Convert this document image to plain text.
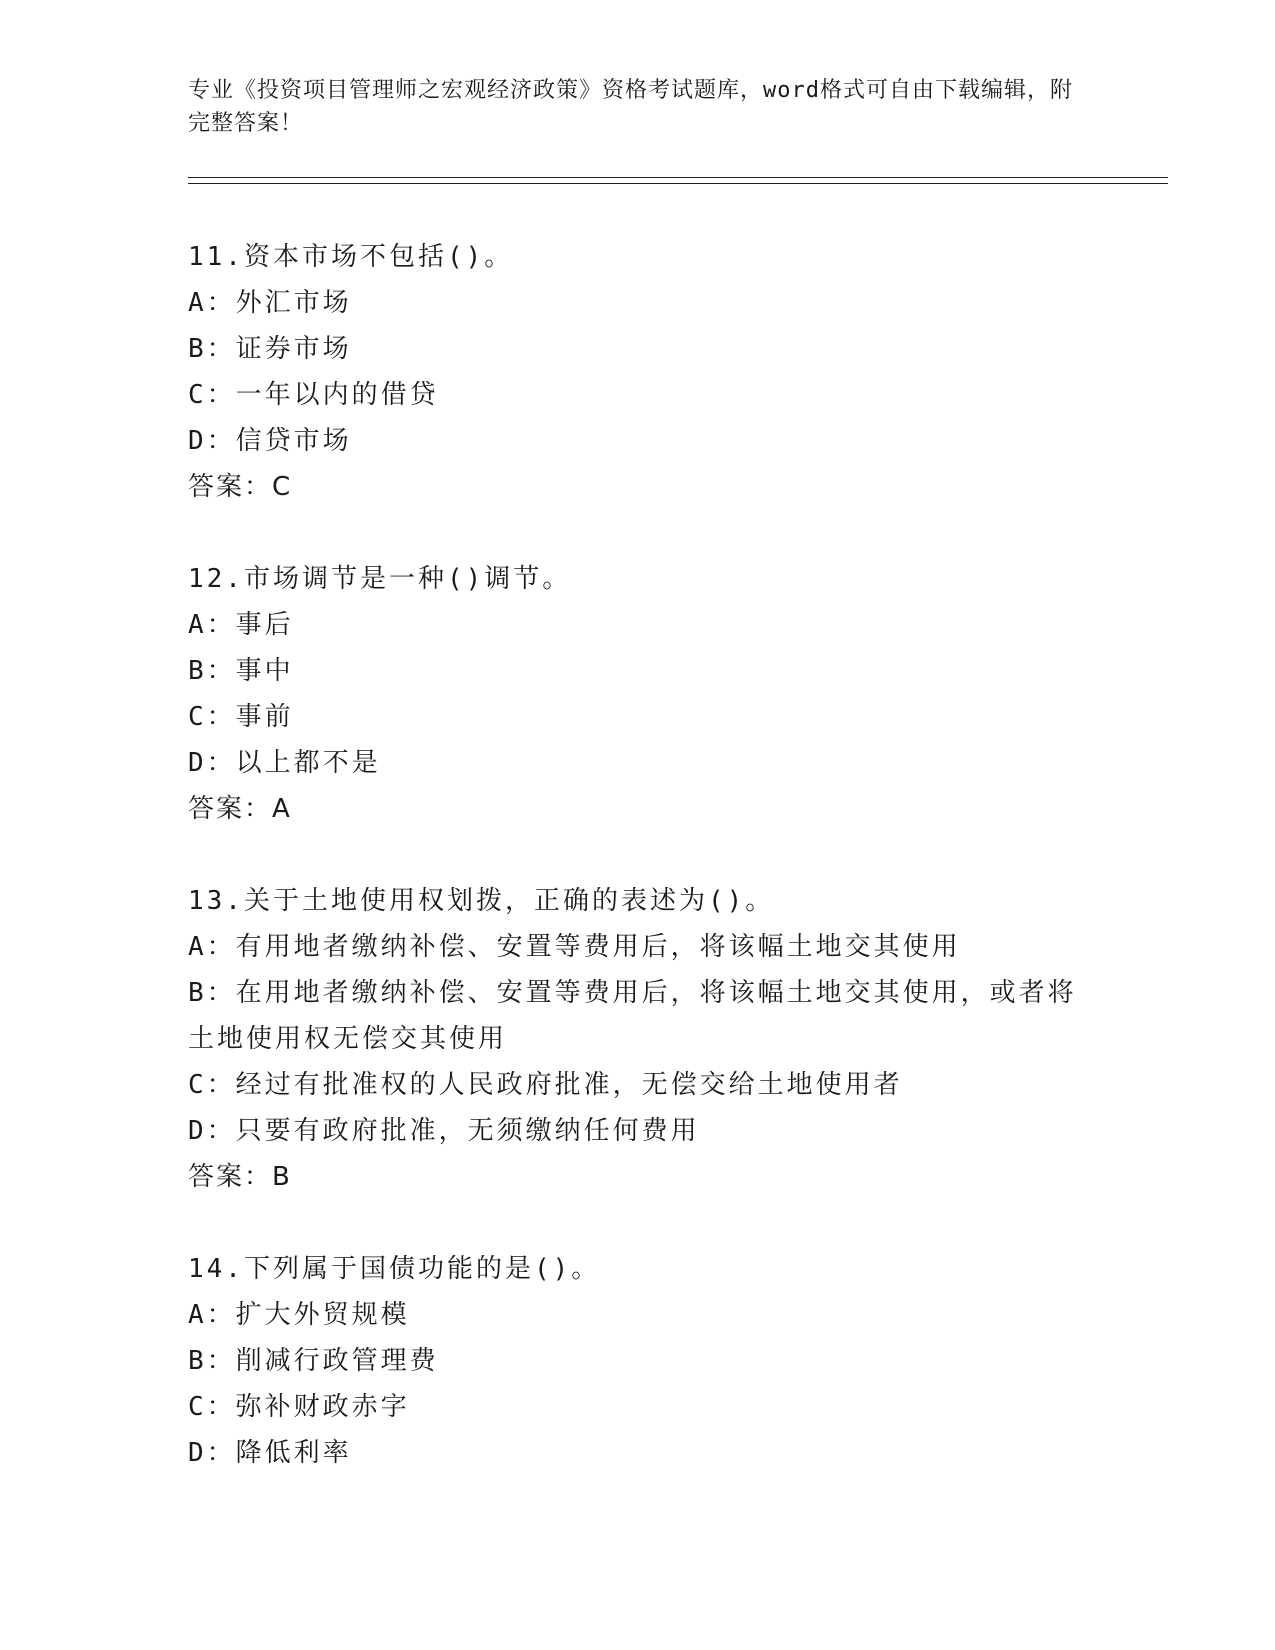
专业《投资项目管理师之宏观经济政策》资格考试题库，word格式可自由下载编辑，附完整答案！
11.资本市场不包括()。
A：外汇市场
B：证券市场
C：一年以内的借贷
D：信贷市场
答案：C
12.市场调节是一种()调节。
A：事后
B：事中
C：事前
D：以上都不是
答案：A
13.关于土地使用权划拨，正确的表述为()。
A：有用地者缴纳补偿、安置等费用后，将该幅土地交其使用
B：在用地者缴纳补偿、安置等费用后，将该幅土地交其使用，或者将土地使用权无偿交其使用
C：经过有批准权的人民政府批准，无偿交给土地使用者
D：只要有政府批准，无须缴纳任何费用
答案：B
14.下列属于国债功能的是()。
A：扩大外贸规模
B：削减行政管理费
C：弥补财政赤字
D：降低利率
